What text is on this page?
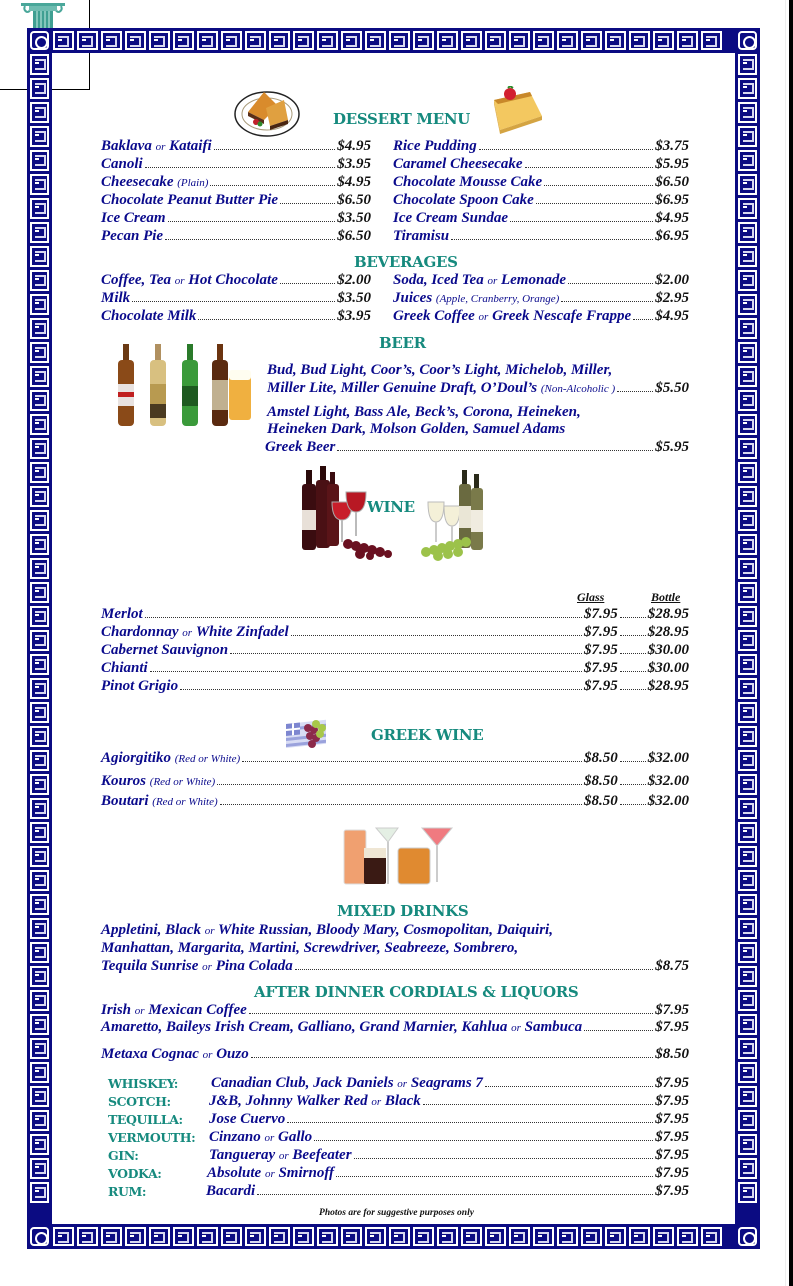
DESSERT MENU
Baklava
or
Kataifi	$4.95
Canoli	$3.95
Cheesecake
(Plain)	$4.95
Chocolate Peanut Butter Pie	$6.50
Ice Cream	$3.50
Pecan Pie	$6.50
Rice Pudding	$3.75
Caramel Cheesecake	$5.95
Chocolate Mousse Cake	$6.50
Chocolate Spoon Cake	$6.95
Ice Cream Sundae	$4.95
Tiramisu	$6.95
BEVERAGES
Coffee, Tea
or
Hot Chocolate	$2.00
Milk	$3.50
Chocolate Milk	$3.95
Soda, Iced Tea
or
Lemonade	$2.00
Juices
(Apple, Cranberry, Orange)	$2.95
Greek Coffee
or
Greek Nescafe Frappe $4.95
BEER
Bud, Bud Light, Coor’s, Coor’s Light, Michelob, Miller,
Miller Lite, Miller Genuine Draft, O’Doul’s
(Non-Alcoholic )	$5.50
Amstel Light, Bass Ale, Beck’s, Corona, Heineken,
Heineken Dark, Molson Golden, Samuel Adams
Greek Beer	$5.95
WINE
Glass	Bottle
Merlot	$7.95 $28.95
Chardonnay
or
White Zinfadel	$7.95 $28.95
Cabernet Sauvignon	$7.95 $30.00
Chianti	$7.95 $30.00
Pinot Grigio	$7.95 $28.95
GREEK WINE
Agiorgitiko
(Red or White)	$8.50 $32.00
Kouros
(Red or White)	$8.50 $32.00
Boutari
(Red or White)	$8.50 $32.00
MIXED DRINKS
Appletini, Black or White Russian, Bloody Mary, Cosmopolitan, Daiquiri,
Manhattan, Margarita, Martini, Screwdriver, Seabreeze, Sombrero,
Tequila Sunrise
or
Pina Colada	$8.75
AFTER DINNER CORDIALS & LIQUORS
Irish
or
Mexican Coffee	$7.95
Amaretto, Baileys Irish Cream, Galliano, Grand Marnier, Kahlua
or
Sambuca	$7.95
Metaxa Cognac
or
Ouzo	$8.50
WHISKEY: Canadian Club, Jack Daniels
or
Seagrams 7	$7.95
SCOTCH:	J&B, Johnny Walker Red
or
Black	$7.95
TEQUILLA: Jose Cuervo	$7.95
VERMOUTH: Cinzano
or
Gallo	$7.95
GIN:	Tangueray
or
Beefeater	$7.95
VODKA:	Absolute
or
Smirnoff	$7.95
RUM:	Bacardi	$7.95
Photos are for suggestive purposes only
